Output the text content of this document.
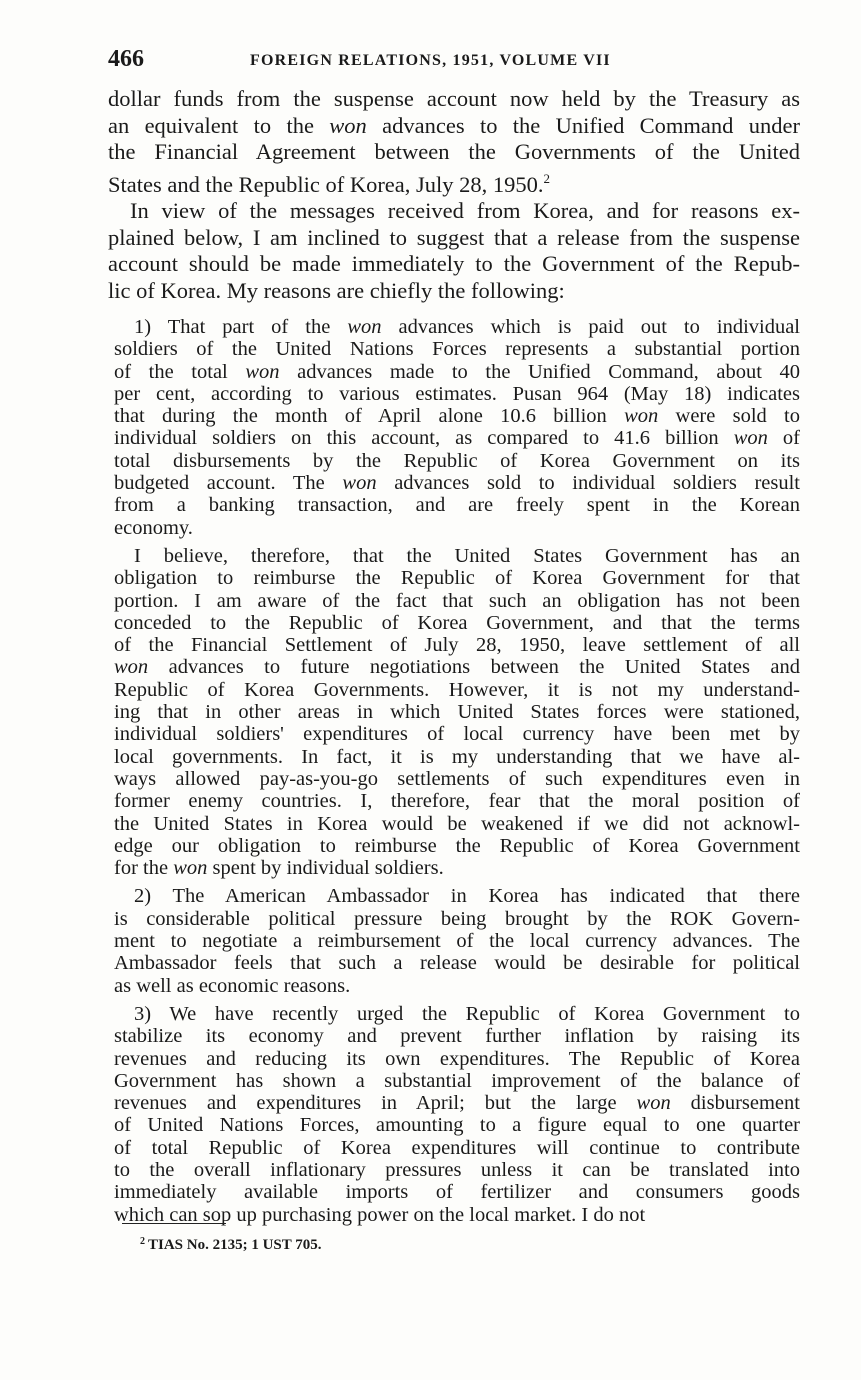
466	FOREIGN RELATIONS, 1951, VOLUME VII
dollar funds from the suspense account now held by the Treasury as
an equivalent to the won advances to the Unified Command under
the Financial Agreement between the Governments of the United
States and the Republic of Korea, July 28, 1950.$^2$
In view of the messages received from Korea, and for reasons ex-
plained below, I am inclined to suggest that a release from the suspense
account should be made immediately to the Government of the Repub-
lic of Korea. My reasons are chiefly the following:
1) That part of the won advances which is paid out to individual
soldiers of the United Nations Forces represents a substantial portion
of the total won advances made to the Unified Command, about 40
per cent, according to various estimates. Pusan 964 (May 18) indicates
that during the month of April alone 10.6 billion won were sold to
individual soldiers on this account, as compared to 41.6 billion won of
total disbursements by the Republic of Korea Government on its
budgeted account. The won advances sold to individual soldiers result
from a banking transaction, and are freely spent in the Korean
economy.
I believe, therefore, that the United States Government has an
obligation to reimburse the Republic of Korea Government for that
portion. I am aware of the fact that such an obligation has not been
conceded to the Republic of Korea Government, and that the terms
of the Financial Settlement of July 28, 1950, leave settlement of all
won advances to future negotiations between the United States and
Republic of Korea Governments. However, it is not my understand-
ing that in other areas in which United States forces were stationed,
individual soldiers' expenditures of local currency have been met by
local governments. In fact, it is my understanding that we have al-
ways allowed pay-as-you-go settlements of such expenditures even in
former enemy countries. I, therefore, fear that the moral position of
the United States in Korea would be weakened if we did not acknowl-
edge our obligation to reimburse the Republic of Korea Government
for the won spent by individual soldiers.
2) The American Ambassador in Korea has indicated that there
is considerable political pressure being brought by the ROK Govern-
ment to negotiate a reimbursement of the local currency advances. The
Ambassador feels that such a release would be desirable for political
as well as economic reasons.
3) We have recently urged the Republic of Korea Government to
stabilize its economy and prevent further inflation by raising its
revenues and reducing its own expenditures. The Republic of Korea
Government has shown a substantial improvement of the balance of
revenues and expenditures in April; but the large won disbursement
of United Nations Forces, amounting to a figure equal to one quarter
of total Republic of Korea expenditures will continue to contribute
to the overall inflationary pressures unless it can be translated into
immediately available imports of fertilizer and consumers goods
which can sop up purchasing power on the local market. I do not
$^2$ TIAS No. 2135; 1 UST 705.
